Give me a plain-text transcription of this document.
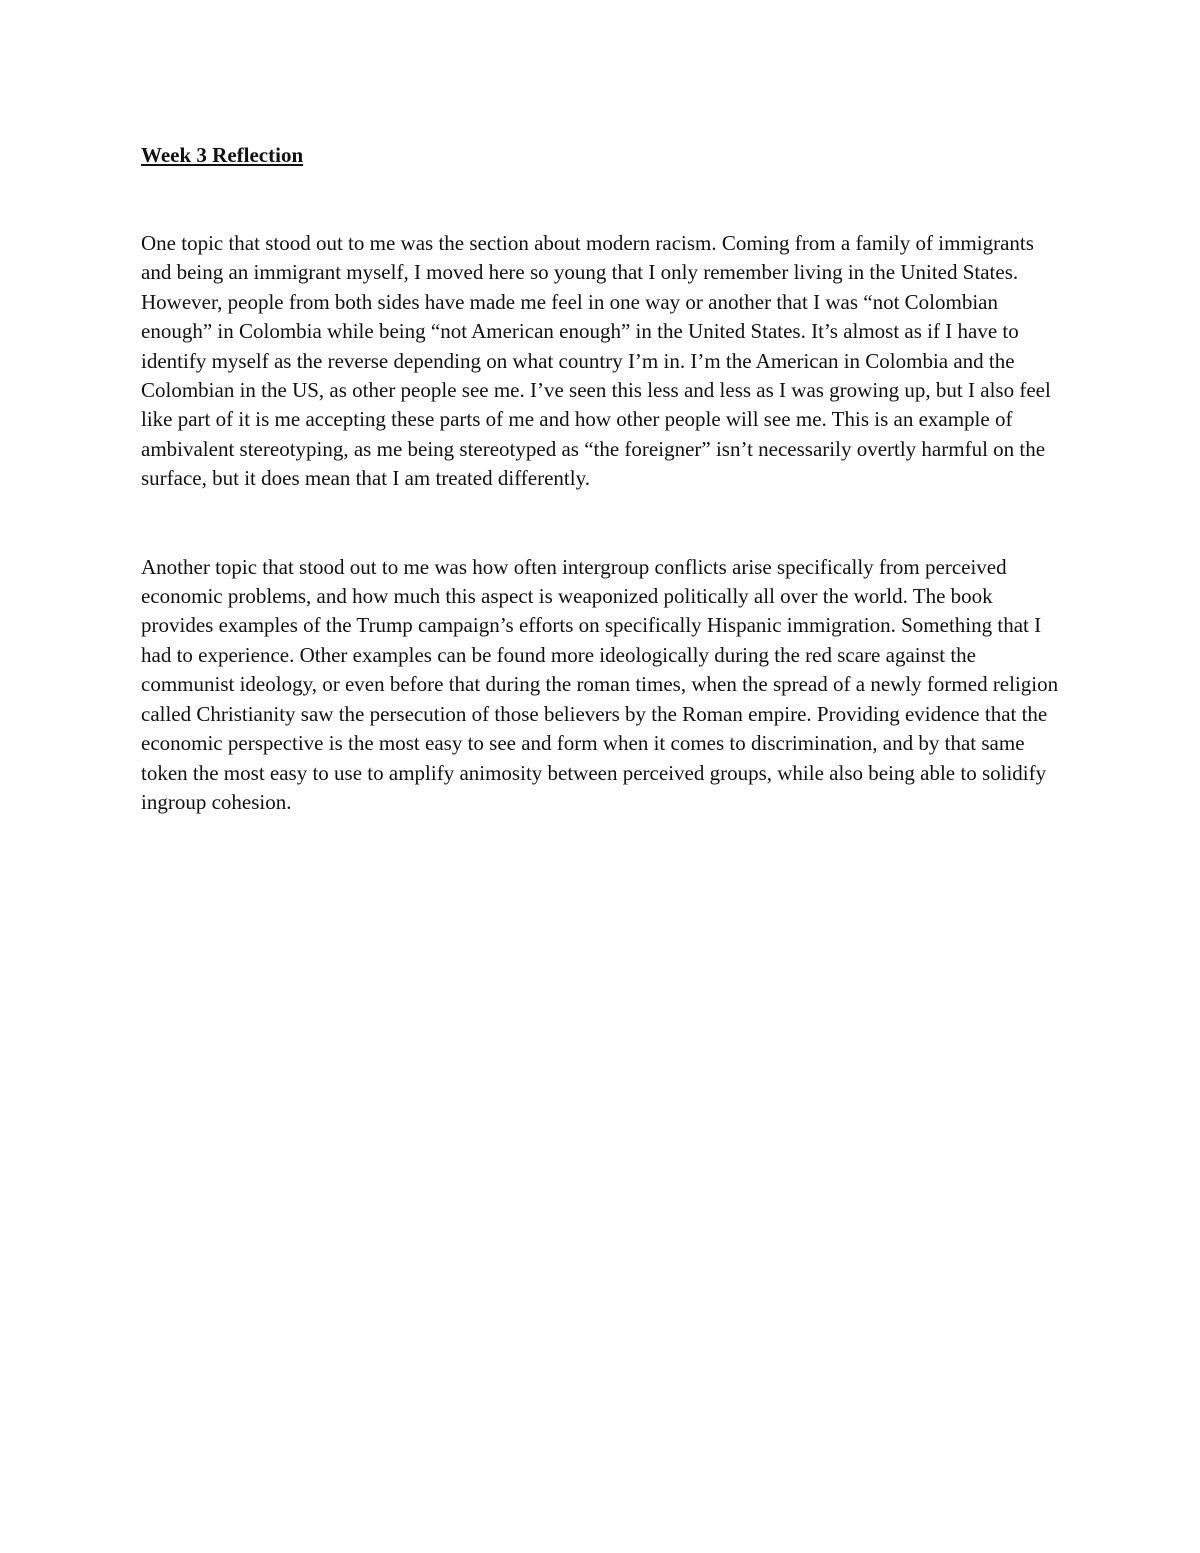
Week 3 Reflection

One topic that stood out to me was the section about modern racism. Coming from a family of immigrants and being an immigrant myself, I moved here so young that I only remember living in the United States. However, people from both sides have made me feel in one way or another that I was “not Colombian enough” in Colombia while being “not American enough” in the United States. It’s almost as if I have to identify myself as the reverse depending on what country I’m in. I’m the American in Colombia and the Colombian in the US, as other people see me. I’ve seen this less and less as I was growing up, but I also feel like part of it is me accepting these parts of me and how other people will see me. This is an example of ambivalent stereotyping, as me being stereotyped as “the foreigner” isn’t necessarily overtly harmful on the surface, but it does mean that I am treated differently.

Another topic that stood out to me was how often intergroup conflicts arise specifically from perceived economic problems, and how much this aspect is weaponized politically all over the world. The book provides examples of the Trump campaign’s efforts on specifically Hispanic immigration. Something that I had to experience. Other examples can be found more ideologically during the red scare against the communist ideology, or even before that during the roman times, when the spread of a newly formed religion called Christianity saw the persecution of those believers by the Roman empire. Providing evidence that the economic perspective is the most easy to see and form when it comes to discrimination, and by that same token the most easy to use to amplify animosity between perceived groups, while also being able to solidify ingroup cohesion.
